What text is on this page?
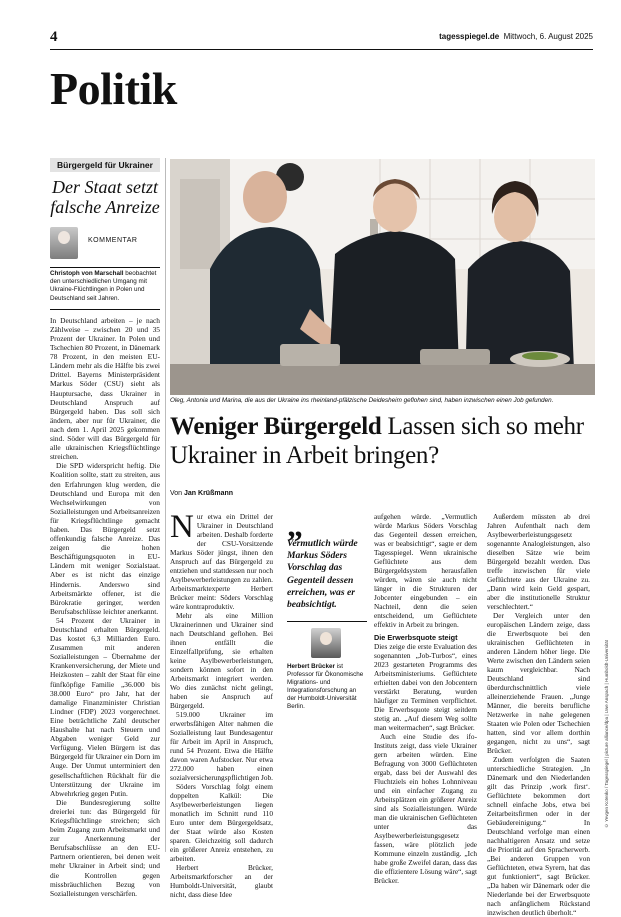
4	tagesspiegel.de Mittwoch, 6. August 2025
Politik
Bürgergeld für Ukrainer
Der Staat setzt falsche Anreize
KOMMENTAR
Christoph von Marschall beobachtet den unterschiedlichen Umgang mit Ukraine-Flüchtlingen in Polen und Deutschland seit Jahren.

In Deutschland arbeiten – je nach Zählweise – zwischen 20 und 35 Prozent der Ukrainer. In Polen und Tschechien 80 Prozent, in Dänemark 78 Prozent, in den meisten EU-Ländern mehr als die Hälfte bis zwei Drittel. Bayerns Ministerpräsident Markus Söder (CSU) sieht als Hauptursache, dass Ukrainer in Deutschland Anspruch auf Bürgergeld haben. Das soll sich ändern, aber nur für Ukrainer, die nach dem 1. April 2025 gekommen sind. Söder will das Bürgergeld für alle ukrainischen Kriegsflüchtlinge streichen.

Die SPD widerspricht heftig. Die Koalition sollte, statt zu streiten, aus den Erfahrungen klug werden, die Deutschland und Europa mit den Wechselwirkungen von Sozialleistungen und Arbeitsanreizen für Kriegsflüchtlinge gemacht haben. Das Bürgergeld setzt offenkundig falsche Anreize. Das zeigen die hohen Beschäftigungsquoten in EU-Ländern mit weniger Sozialstaat. Aber es ist nicht das einzige Hindernis. Anderswo sind Arbeitsmärkte offener, ist die Bürokratie geringer, werden Berufsabschlüsse leichter anerkannt.

54 Prozent der Ukrainer in Deutschland erhalten Bürgergeld. Das kostet 6,3 Milliarden Euro. Zusammen mit anderen Sozialleistungen – Übernahme der Krankenversicherung, der Miete und Heizkosten – zahlt der Staat für eine fünfköpfige Familie „36.000 bis 38.000 Euro“ pro Jahr, hat der damalige Finanzminister Christian Lindner (FDP) 2023 vorgerechnet. Eine beträchtliche Zahl deutscher Haushalte hat nach Steuern und Abgaben weniger Geld zur Verfügung. Vielen Bürgern ist das Bürgergeld für Ukrainer ein Dorn im Auge. Der Unmut unterminiert den gesellschaftlichen Rückhalt für die Unterstützung der Ukraine im Abwehrkrieg gegen Putin.

Die Bundesregierung sollte dreierlei tun: das Bürgergeld für Kriegsflüchtlinge streichen; sich beim Zugang zum Arbeitsmarkt und zur Anerkennung der Berufsabschlüsse an den EU-Partnern orientieren, bei denen weit mehr Ukrainer in Arbeit sind; und die Kontrollen gegen missbräuchlichen Bezug von Sozialleistungen verschärfen.

Oleg, Antonia und Marina, die aus der Ukraine ins rheinland-pfälzische Deidesheim geflohen sind, haben inzwischen einen Job gefunden.
Weniger Bürgergeld Lassen sich so mehr Ukrainer in Arbeit bringen?
Von Jan Krüßmann

Nur etwa ein Drittel der Ukrainer in Deutschland arbeiten. Deshalb forderte der CSU-Vorsitzende Markus Söder jüngst, ihnen den Anspruch auf das Bürgergeld zu entziehen und stattdessen nur noch Asylbewerberleistungen zu zahlen. Arbeitsmarktexperte Herbert Brücker meint: Söders Vorschlag wäre kontraproduktiv.

Mehr als eine Million Ukrainerinnen und Ukrainer sind nach Deutschland geflohen. Bei ihnen entfällt die Einzelfallprüfung, sie erhalten keine Asylbewerberleistungen, sondern können sofort in den Arbeitsmarkt integriert werden. Wo dies zunächst nicht gelingt, haben sie Anspruch auf Bürgergeld.

519.000 Ukrainer im erwerbsfähigen Alter nahmen die Sozialleistung laut Bundesagentur für Arbeit im April in Anspruch, rund 54 Prozent. Etwa die Hälfte davon waren Aufstocker. Nur etwa 272.000 haben einen sozialversicherungspflichtigen Job.

Söders Vorschlag folgt einem doppelten Kalkül: Die Asylbewerberleistungen liegen monatlich im Schnitt rund 110 Euro unter dem Bürgergeldsatz, der Staat würde also Kosten sparen. Gleichzeitig soll dadurch ein größerer Anreiz entstehen, zu arbeiten.

Herbert Brücker, Arbeitsmarktforscher an der Humboldt-Universität, glaubt nicht, dass diese Idee

„
Vermutlich würde Markus Söders Vorschlag das Gegenteil dessen erreichen, was er beabsichtigt.
Herbert Brücker ist Professor für Ökonomische Migrations- und Integrationsforschung an der Humboldt-Universität Berlin.

aufgehen würde. „Vermutlich würde Markus Söders Vorschlag das Gegenteil dessen erreichen, was er beabsichtigt“, sagte er dem Tagesspiegel. Wenn ukrainische Geflüchtete aus dem Bürgergeldsystem herausfallen würden, wären sie auch nicht länger in die Strukturen der Jobcenter eingebunden – ein Nachteil, denn die seien entscheidend, um Geflüchtete effektiv in Arbeit zu bringen.

Die Erwerbsquote steigt

Dies zeige die erste Evaluation des sogenannten „Job-Turbos“, eines 2023 gestarteten Programms des Arbeitsministeriums. Geflüchtete erhielten dabei von den Jobcentern verstärkt Beratung, wurden häufiger zu Terminen verpflichtet. Die Erwerbsquote steigt seitdem stetig an. „Auf diesem Weg sollte man weitermachen“, sagt Brücker.

Auch eine Studie des ifo-Instituts zeigt, dass viele Ukrainer gern arbeiten würden. Eine Befragung von 3000 Geflüchteten ergab, dass bei der Auswahl des Fluchtziels ein hohes Lohnniveau und ein einfacher Zugang zu Arbeitsplätzen ein größerer Anreiz sind als Sozialleistungen. Würde man die ukrainischen Geflüchteten unter das Asylbewerberleistungsgesetz fassen, wäre plötzlich jede Kommune einzeln zuständig. „Ich habe große Zweifel daran, dass das die effizientere Lösung wäre“, sagt Brücker.

Außerdem müssten ab drei Jahren Aufenthalt nach dem Asylbewerberleistungsgesetz sogenannte Analogleistungen, also dieselben Sätze wie beim Bürgergeld bezahlt werden. Das treffe inzwischen für viele Geflüchtete aus der Ukraine zu. „Dann wird kein Geld gespart, aber die institutionelle Struktur verschlechtert.“

Der Vergleich unter den europäischen Ländern zeige, dass die Erwerbsquote bei den ukrainischen Geflüchteten in anderen Ländern höher liege. Die Werte zwischen den Ländern seien kaum vergleichbar. Nach Deutschland sind überdurchschnittlich viele alleinerziehende Frauen. „Junge Männer, die bereits berufliche Netzwerke in nahe gelegenen Staaten wie Polen oder Tschechien hatten, sind vor allem dorthin gegangen, nicht zu uns“, sagt Brücker.

Zudem verfolgten die Saaten unterschiedliche Strategien. „In Dänemark und den Niederlanden gilt das Prinzip ‚work first‘. Geflüchtete bekommen dort schnell einfache Jobs, etwa bei Zeitarbeitsfirmen oder in der Gebäudereinigung.“ In Deutschland verfolge man einen nachhaltigeren Ansatz und setze die Priorität auf den Spracherwerb. „Bei anderen Gruppen von Geflüchteten, etwa Syrern, hat das gut funktioniert“, sagt Brücker. „Da haben wir Dänemark oder die Niederlande bei der Erwerbsquote nach anfänglichem Rückstand inzwischen deutlich überholt.“

© Yevgen Kotenko / Tagesspiegel | picture alliance/dpa | Uwe Anspach | Humboldt-Universität
